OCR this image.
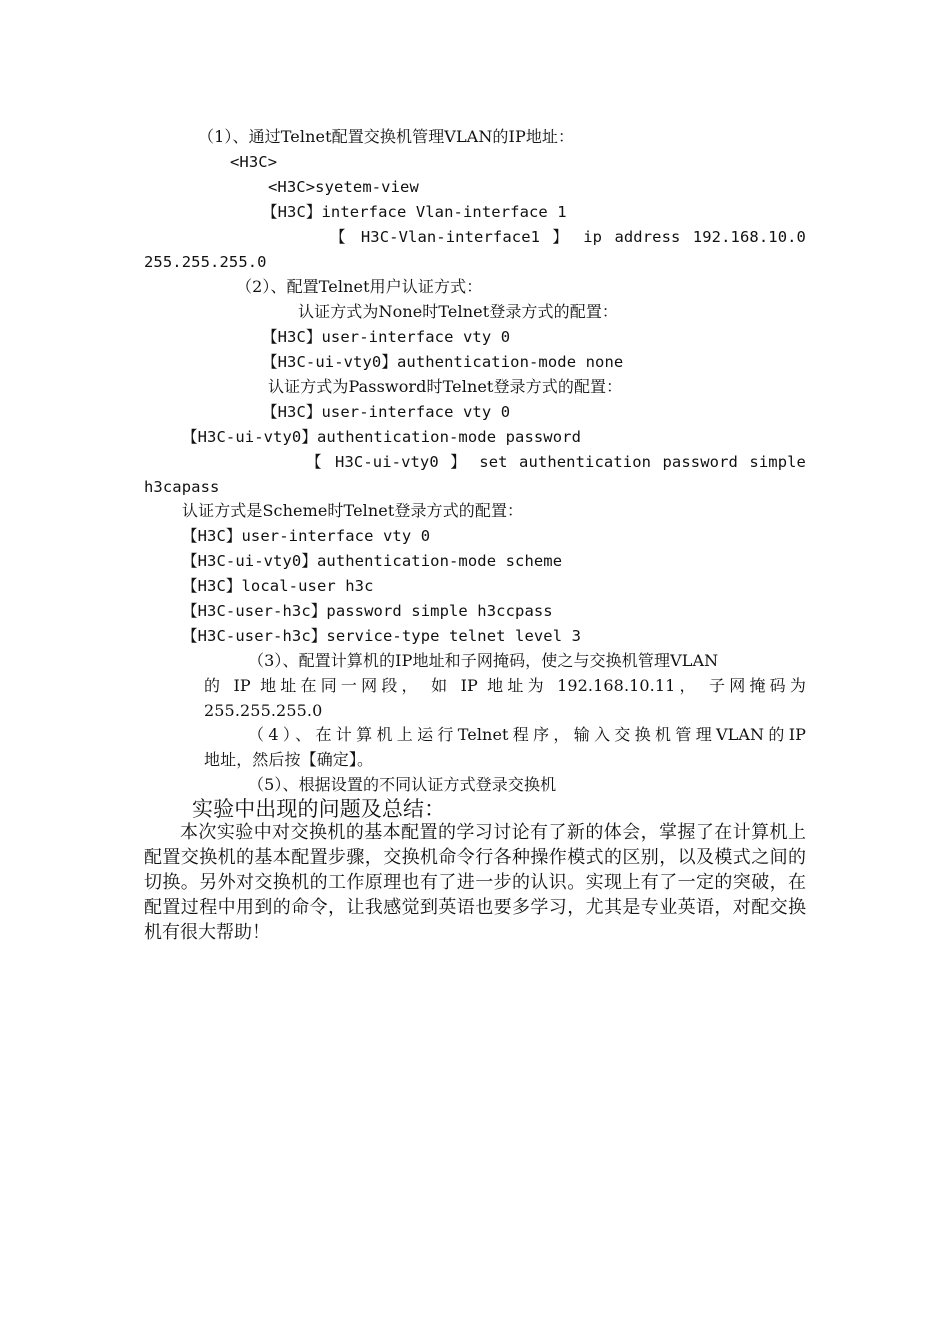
（1）、通过Telnet配置交换机管理VLAN的IP地址：
<H3C>
<H3C>syetem-view
【H3C】interface Vlan-interface 1
【 H3C-Vlan-interface1 】 ip address 192.168.10.0
255.255.255.0
（2）、配置Telnet用户认证方式：
认证方式为None时Telnet登录方式的配置：
【H3C】user-interface vty 0
【H3C-ui-vty0】authentication-mode none
认证方式为Password时Telnet登录方式的配置：
【H3C】user-interface vty 0
【H3C-ui-vty0】authentication-mode password
【 H3C-ui-vty0 】 set authentication password simple
h3capass
认证方式是Scheme时Telnet登录方式的配置：
【H3C】user-interface vty 0
【H3C-ui-vty0】authentication-mode scheme
【H3C】local-user h3c
【H3C-user-h3c】password simple h3ccpass
【H3C-user-h3c】service-type telnet level 3
（3）、配置计算机的IP地址和子网掩码，使之与交换机管理VLAN
的 IP 地址在同一网段， 如 IP 地址为 192.168.10.11， 子网掩码为
255.255.255.0
（4）、在计算机上运行Telnet程序，输入交换机管理VLAN的IP
地址，然后按【确定】。
（5）、根据设置的不同认证方式登录交换机
实验中出现的问题及总结：
本次实验中对交换机的基本配置的学习讨论有了新的体会，掌握了在计算机上配置交换机的基本配置步骤，交换机命令行各种操作模式的区别，以及模式之间的切换。另外对交换机的工作原理也有了进一步的认识。实现上有了一定的突破，在配置过程中用到的命令，让我感觉到英语也要多学习，尤其是专业英语，对配交换机有很大帮助！
